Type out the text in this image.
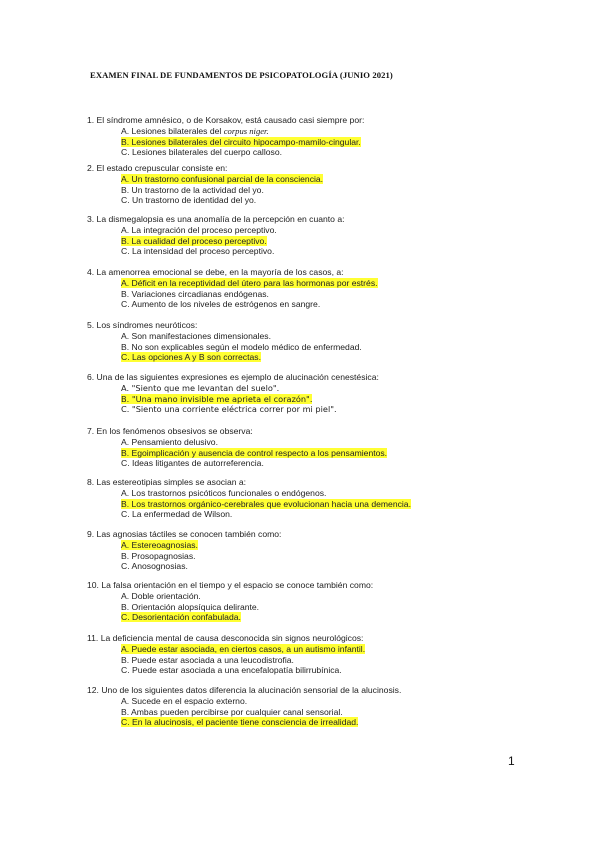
EXAMEN FINAL DE FUNDAMENTOS DE PSICOPATOLOGÍA (JUNIO 2021)
1. El síndrome amnésico, o de Korsakov, está causado casi siempre por:
A. Lesiones bilaterales del corpus niger.
B. Lesiones bilaterales del circuito hipocampo-mamilo-cingular.
C. Lesiones bilaterales del cuerpo calloso.
2. El estado crepuscular consiste en:
A. Un trastorno confusional parcial de la consciencia.
B. Un trastorno de la actividad del yo.
C. Un trastorno de identidad del yo.
3. La dismegalopsia es una anomalía de la percepción en cuanto a:
A. La integración del proceso perceptivo.
B. La cualidad del proceso perceptivo.
C. La intensidad del proceso perceptivo.
4. La amenorrea emocional se debe, en la mayoría de los casos, a:
A. Déficit en la receptividad del útero para las hormonas por estrés.
B. Variaciones circadianas endógenas.
C. Aumento de los niveles de estrógenos en sangre.
5. Los síndromes neuróticos:
A. Son manifestaciones dimensionales.
B. No son explicables según el modelo médico de enfermedad.
C. Las opciones A y B son correctas.
6. Una de las siguientes expresiones es ejemplo de alucinación cenestésica:
A. "Siento que me levantan del suelo".
B. "Una mano invisible me aprieta el corazón".
C. "Siento una corriente eléctrica correr por mi piel".
7. En los fenómenos obsesivos se observa:
A. Pensamiento delusivo.
B. Egoimplicación y ausencia de control respecto a los pensamientos.
C. Ideas litigantes de autorreferencia.
8. Las estereotipias simples se asocian a:
A. Los trastornos psicóticos funcionales o endógenos.
B. Los trastornos orgánico-cerebrales que evolucionan hacia una demencia.
C. La enfermedad de Wilson.
9. Las agnosias táctiles se conocen también como:
A. Estereoagnosias.
B. Prosopagnosias.
C. Anosognosias.
10. La falsa orientación en el tiempo y el espacio se conoce también como:
A. Doble orientación.
B. Orientación alopsíquica delirante.
C. Desorientación confabulada.
11. La deficiencia mental de causa desconocida sin signos neurológicos:
A. Puede estar asociada, en ciertos casos, a un autismo infantil.
B. Puede estar asociada a una leucodistrofia.
C. Puede estar asociada a una encefalopatía bilirrubínica.
12. Uno de los siguientes datos diferencia la alucinación sensorial de la alucinosis.
A. Sucede en el espacio externo.
B. Ambas pueden percibirse por cualquier canal sensorial.
C. En la alucinosis, el paciente tiene consciencia de irrealidad.
1
